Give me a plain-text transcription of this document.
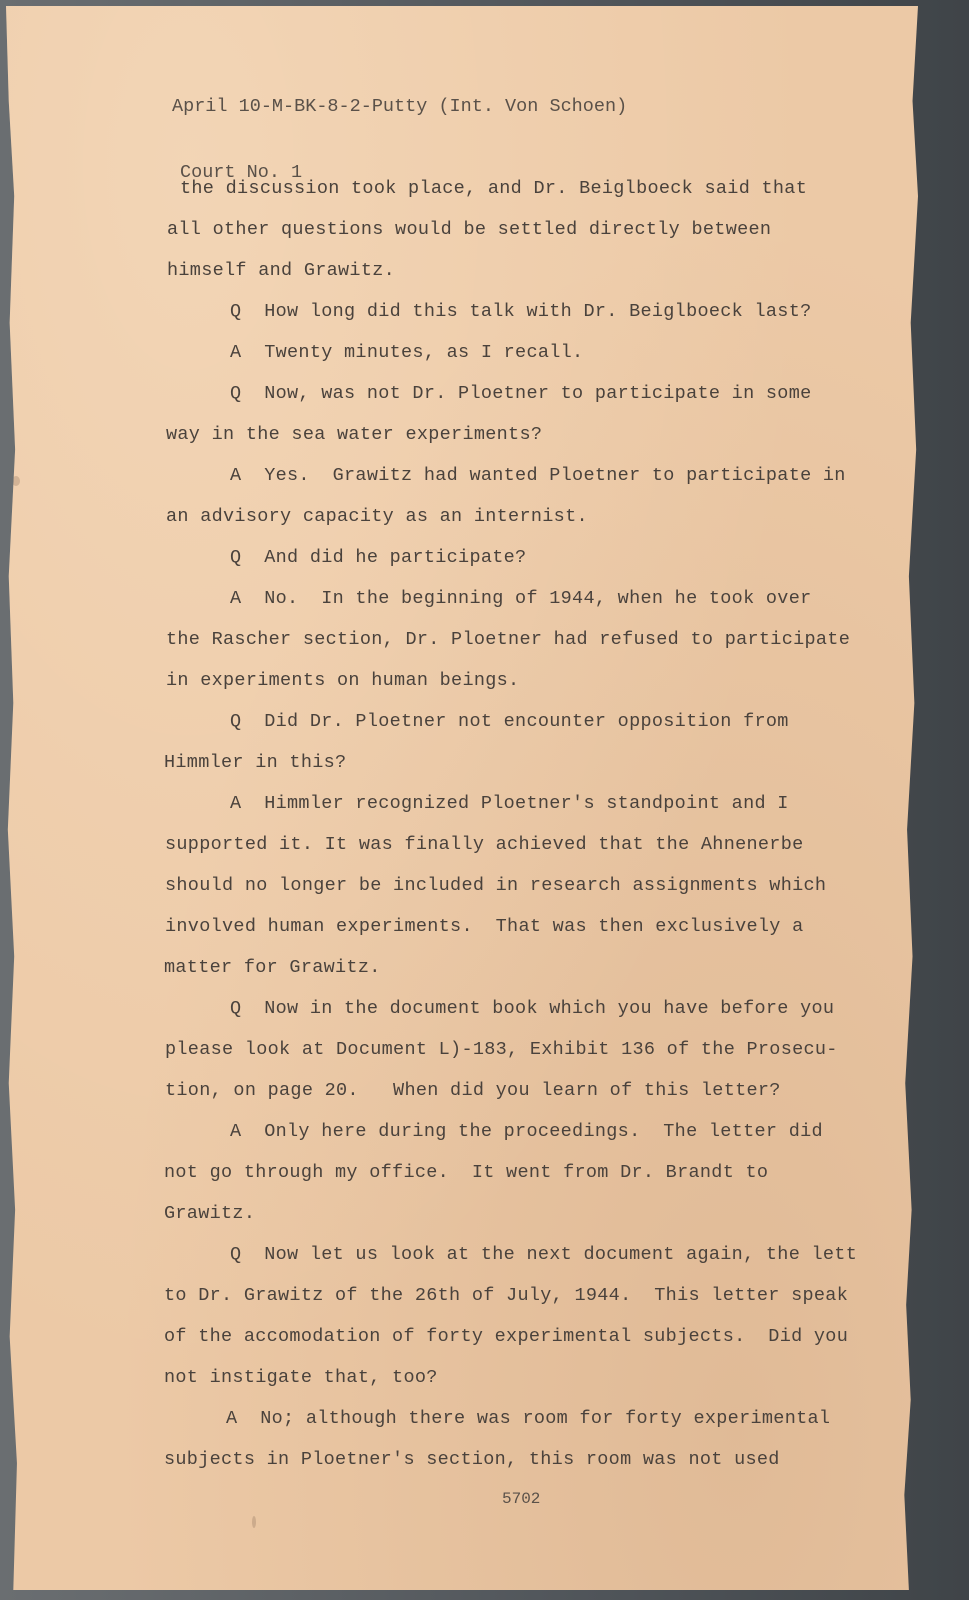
April 10-M-BK-8-2-Putty (Int. Von Schoen)

Court No. 1

the discussion took place, and Dr. Beiglboeck said that
all other questions would be settled directly between
himself and Grawitz.
Q  How long did this talk with Dr. Beiglboeck last?
A  Twenty minutes, as I recall.
Q  Now, was not Dr. Ploetner to participate in some
way in the sea water experiments?
A  Yes.  Grawitz had wanted Ploetner to participate in
an advisory capacity as an internist.
Q  And did he participate?
A  No.  In the beginning of 1944, when he took over
the Rascher section, Dr. Ploetner had refused to participate
in experiments on human beings.
Q  Did Dr. Ploetner not encounter opposition from
Himmler in this?
A  Himmler recognized Ploetner's standpoint and I
supported it. It was finally achieved that the Ahnenerbe
should no longer be included in research assignments which
involved human experiments.  That was then exclusively a
matter for Grawitz.
Q  Now in the document book which you have before you
please look at Document L)-183, Exhibit 136 of the Prosecu-
tion, on page 20.   When did you learn of this letter?
A  Only here during the proceedings.  The letter did
not go through my office.  It went from Dr. Brandt to
Grawitz.
Q  Now let us look at the next document again, the lett
to Dr. Grawitz of the 26th of July, 1944.  This letter speak
of the accomodation of forty experimental subjects.  Did you
not instigate that, too?
A  No; although there was room for forty experimental
subjects in Ploetner's section, this room was not used
5702
